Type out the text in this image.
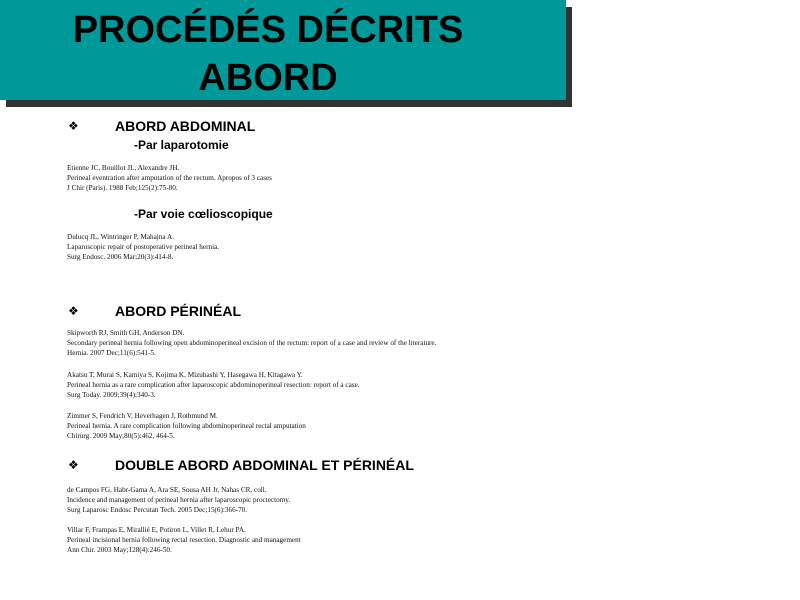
PROCÉDÉS DÉCRITS
ABORD
❖	ABORD ABDOMINAL
-Par laparotomie
Etienne JC, Bouillot JL, Alexandre JH.
Perineal eventration after amputation of the rectum. Apropos of 3 cases
J Chir (Paris). 1988 Feb;125(2):75-80.
-Par voie cœlioscopique
Dulucq JL, Wintringer P, Mahajna A.
Laparoscopic repair of postoperative perineal hernia.
Surg Endosc. 2006 Mar;20(3):414-8.
❖	ABORD PÉRINÉAL
Skipworth RJ, Smith GH, Anderson DN.
Secondary perineal hernia following open abdominoperineal excision of the rectum: report of a case and review of the literature.
Hernia. 2007 Dec;11(6):541-5.
Akatsu T, Murai S, Kamiya S, Kojima K, Mizuhashi Y, Hasegawa H, Kitagawa Y.
Perineal hernia as a rare complication after laparoscopic abdominoperineal resection: report of a case.
Surg Today. 2009;39(4):340-3.
Zimmer S, Fendrich V, Heverhagen J, Rothmund M.
Perineal hernia. A rare complication following abdominoperineal rectal amputation
Chirurg. 2009 May;80(5):462, 464-5.
❖	DOUBLE ABORD ABDOMINAL ET PÉRINÉAL
de Campos FG, Habr-Gama A, Ara SE, Sousa AH Jr, Nahas CR, coll.
Incidence and management of perineal hernia after laparoscopic proctectomy.
Surg Laparosc Endosc Percutan Tech. 2005 Dec;15(6):366-70.
Villar F, Frampas E, Mirallié E, Potiron L, Villet R, Lehur PA.
Perineal incisional hernia following rectal resection. Diagnostic and management
Ann Chir. 2003 May;128(4):246-50.
